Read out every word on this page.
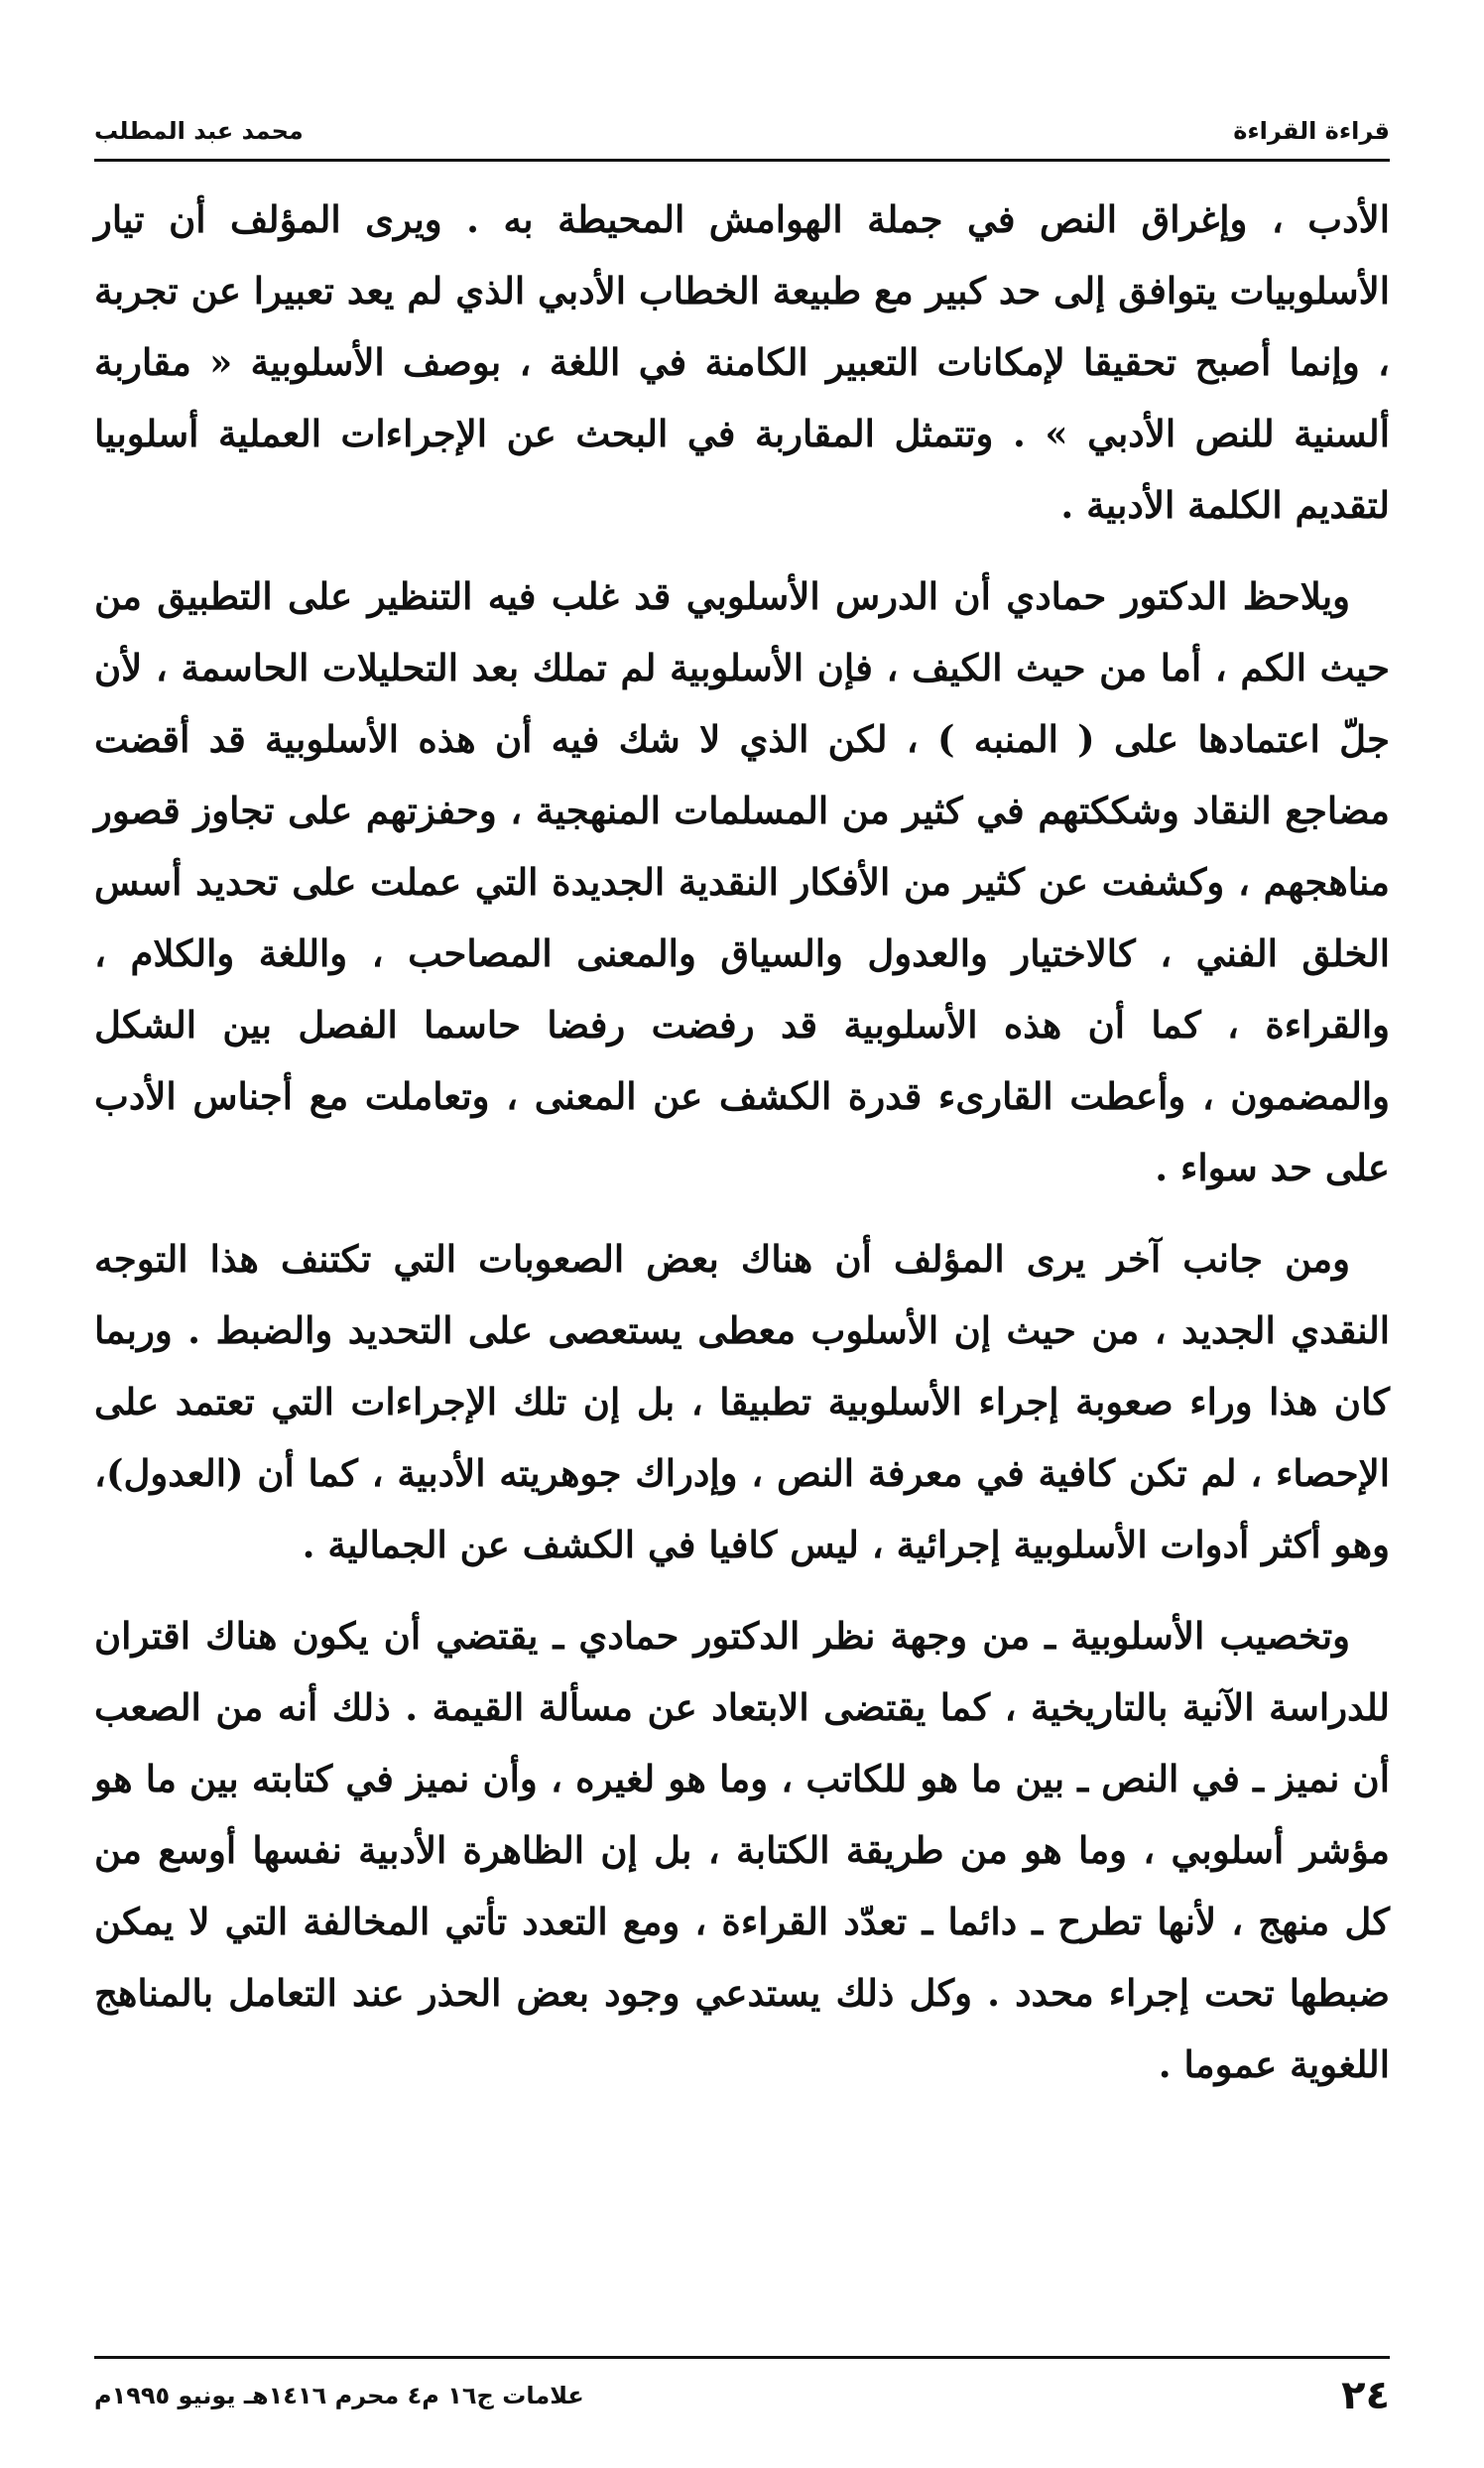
قراءة القراءة
محمد عبد المطلب

الأدب ، وإغراق النص في جملة الهوامش المحيطة به . ويرى المؤلف أن تيار الأسلوبيات يتوافق إلى حد كبير مع طبيعة الخطاب الأدبي الذي لم يعد تعبيرا عن تجربة ، وإنما أصبح تحقيقا لإمكانات التعبير الكامنة في اللغة ، بوصف الأسلوبية « مقاربة ألسنية للنص الأدبي » . وتتمثل المقاربة في البحث عن الإجراءات العملية أسلوبيا لتقديم الكلمة الأدبية .

ويلاحظ الدكتور حمادي أن الدرس الأسلوبي قد غلب فيه التنظير على التطبيق من حيث الكم ، أما من حيث الكيف ، فإن الأسلوبية لم تملك بعد التحليلات الحاسمة ، لأن جلّ اعتمادها على ( المنبه ) ، لكن الذي لا شك فيه أن هذه الأسلوبية قد أقضت مضاجع النقاد وشككتهم في كثير من المسلمات المنهجية ، وحفزتهم على تجاوز قصور مناهجهم ، وكشفت عن كثير من الأفكار النقدية الجديدة التي عملت على تحديد أسس الخلق الفني ، كالاختيار والعدول والسياق والمعنى المصاحب ، واللغة والكلام ، والقراءة ، كما أن هذه الأسلوبية قد رفضت رفضا حاسما الفصل بين الشكل والمضمون ، وأعطت القارىء قدرة الكشف عن المعنى ، وتعاملت مع أجناس الأدب على حد سواء .

ومن جانب آخر يرى المؤلف أن هناك بعض الصعوبات التي تكتنف هذا التوجه النقدي الجديد ، من حيث إن الأسلوب معطى يستعصى على التحديد والضبط . وربما كان هذا وراء صعوبة إجراء الأسلوبية تطبيقا ، بل إن تلك الإجراءات التي تعتمد على الإحصاء ، لم تكن كافية في معرفة النص ، وإدراك جوهريته الأدبية ، كما أن (العدول)، وهو أكثر أدوات الأسلوبية إجرائية ، ليس كافيا في الكشف عن الجمالية .

وتخصيب الأسلوبية ـ من وجهة نظر الدكتور حمادي ـ يقتضي أن يكون هناك اقتران للدراسة الآنية بالتاريخية ، كما يقتضى الابتعاد عن مسألة القيمة . ذلك أنه من الصعب أن نميز ـ في النص ـ بين ما هو للكاتب ، وما هو لغيره ، وأن نميز في كتابته بين ما هو مؤشر أسلوبي ، وما هو من طريقة الكتابة ، بل إن الظاهرة الأدبية نفسها أوسع من كل منهج ، لأنها تطرح ـ دائما ـ تعدّد القراءة ، ومع التعدد تأتي المخالفة التي لا يمكن ضبطها تحت إجراء محدد . وكل ذلك يستدعي وجود بعض الحذر عند التعامل بالمناهج اللغوية عموما .

٢٤
علامات ج١٦ م٤ محرم ١٤١٦هـ يونيو ١٩٩٥م
